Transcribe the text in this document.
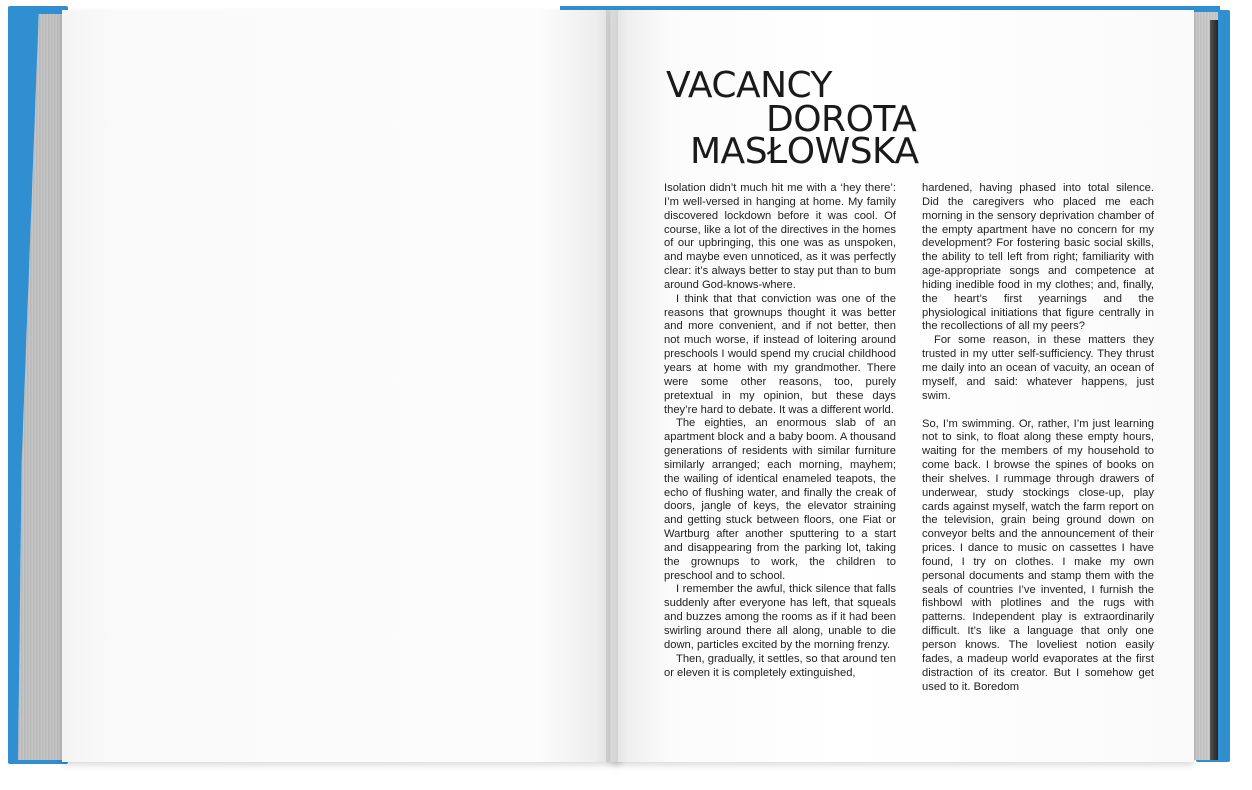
VACANCY
DOROTA
MASŁOWSKA

Isolation didn’t much hit me with a ‘hey there’: I’m well-versed in hanging at home. My family discovered lockdown before it was cool. Of course, like a lot of the directives in the homes of our upbringing, this one was as unspoken, and maybe even unnoticed, as it was perfectly clear: it’s always better to stay put than to bum around God-knows-where.

I think that that conviction was one of the reasons that grownups thought it was better and more convenient, and if not better, then not much worse, if instead of loitering around preschools I would spend my crucial childhood years at home with my grandmother. There were some other reasons, too, purely pretextual in my opinion, but these days they’re hard to debate. It was a different world.

The eighties, an enormous slab of an apartment block and a baby boom. A thousand generations of residents with similar furniture similarly arranged; each morning, mayhem; the wailing of identical enameled teapots, the echo of flushing water, and finally the creak of doors, jangle of keys, the elevator straining and getting stuck between floors, one Fiat or Wartburg after another sputtering to a start and disappearing from the parking lot, taking the grownups to work, the children to preschool and to school.

I remember the awful, thick silence that falls suddenly after everyone has left, that squeals and buzzes among the rooms as if it had been swirling around there all along, unable to die down, particles excited by the morning frenzy.

Then, gradually, it settles, so that around ten or eleven it is completely extinguished,

hardened, having phased into total silence. Did the caregivers who placed me each morning in the sensory deprivation chamber of the empty apartment have no concern for my development? For fostering basic social skills, the ability to tell left from right; familiarity with age-appropriate songs and competence at hiding inedible food in my clothes; and, finally, the heart’s first yearnings and the physiological initiations that figure centrally in the recollections of all my peers?

For some reason, in these matters they trusted in my utter self-sufficiency. They thrust me daily into an ocean of vacuity, an ocean of myself, and said: whatever happens, just swim.

So, I’m swimming. Or, rather, I’m just learning not to sink, to float along these empty hours, waiting for the members of my household to come back. I browse the spines of books on their shelves. I rummage through drawers of underwear, study stockings close-up, play cards against myself, watch the farm report on the television, grain being ground down on conveyor belts and the announcement of their prices. I dance to music on cassettes I have found, I try on clothes. I make my own personal documents and stamp them with the seals of countries I’ve invented, I furnish the fishbowl with plotlines and the rugs with patterns. Independent play is extraordinarily difficult. It’s like a language that only one person knows. The loveliest notion easily fades, a madeup world evaporates at the first distraction of its creator. But I somehow get used to it. Boredom
